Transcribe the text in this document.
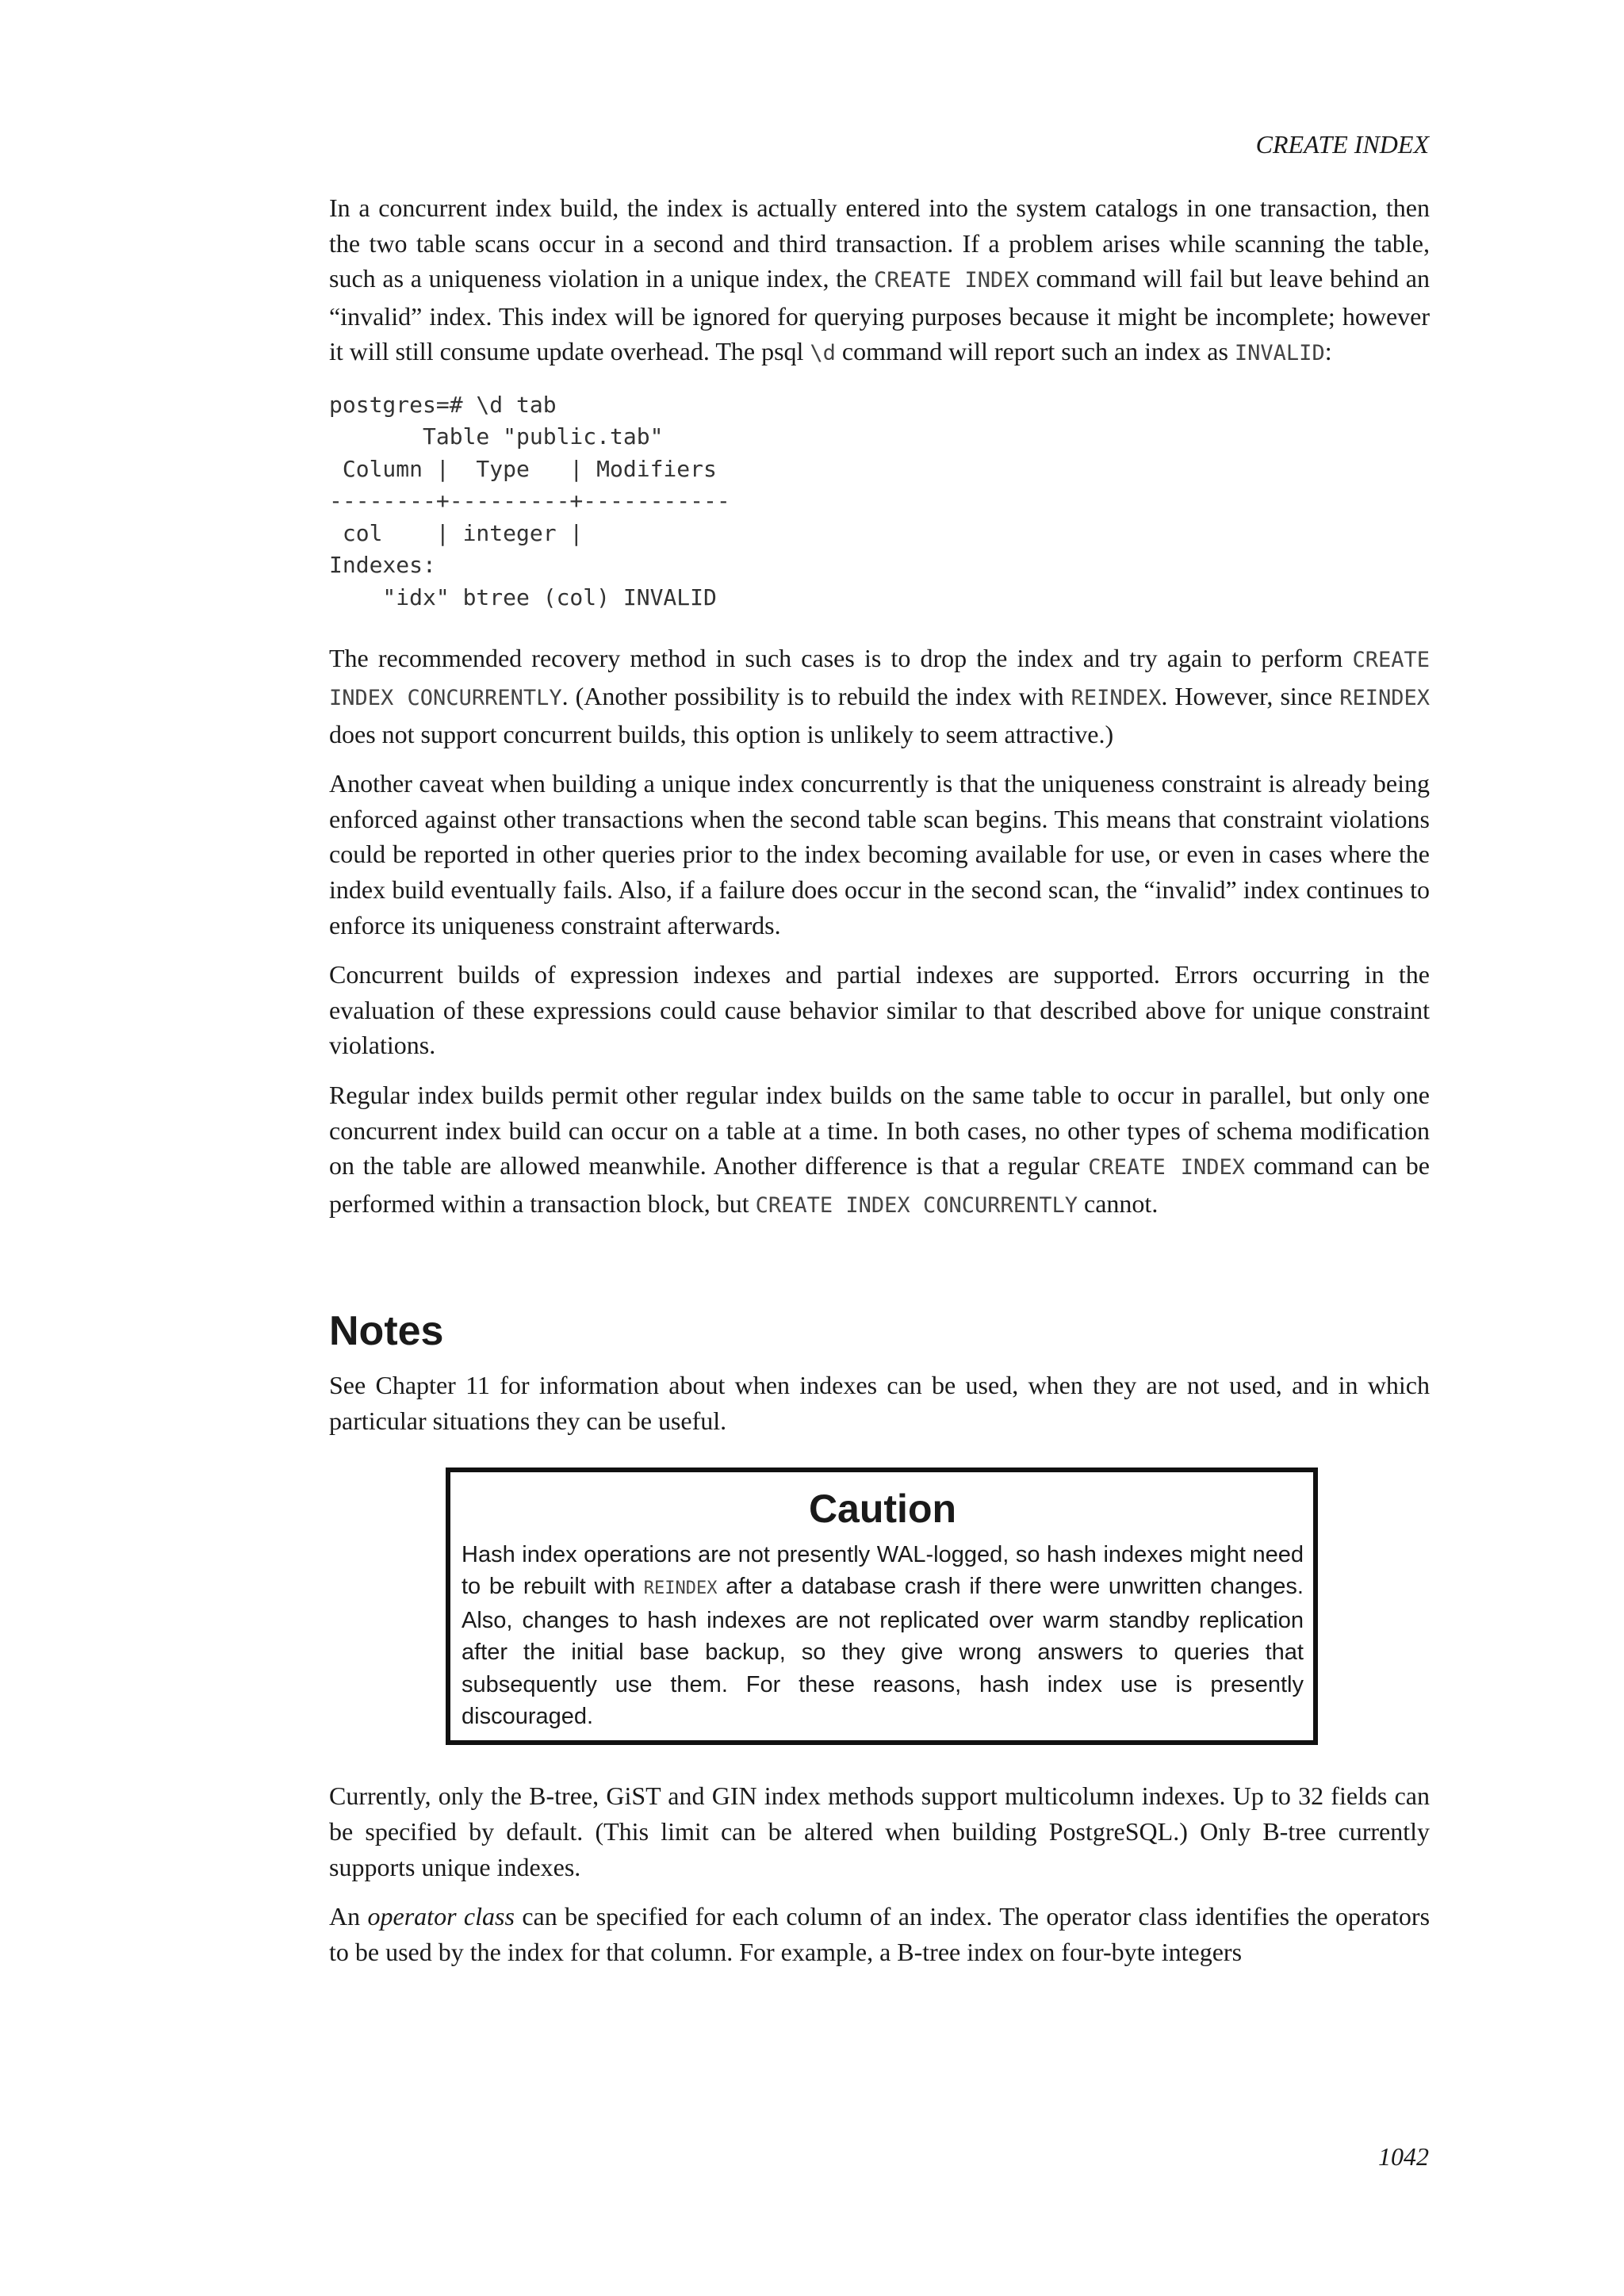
CREATE INDEX

In a concurrent index build, the index is actually entered into the system catalogs in one transaction, then the two table scans occur in a second and third transaction. If a problem arises while scanning the table, such as a uniqueness violation in a unique index, the CREATE INDEX command will fail but leave behind an “invalid” index. This index will be ignored for querying purposes because it might be incomplete; however it will still consume update overhead. The psql \d command will report such an index as INVALID:

postgres=# \d tab
Table "public.tab"
Column |  Type   | Modifiers
--------+---------+-----------
col    | integer |
Indexes:
"idx" btree (col) INVALID

The recommended recovery method in such cases is to drop the index and try again to perform CREATE INDEX CONCURRENTLY. (Another possibility is to rebuild the index with REINDEX. However, since REINDEX does not support concurrent builds, this option is unlikely to seem attractive.)

Another caveat when building a unique index concurrently is that the uniqueness constraint is already being enforced against other transactions when the second table scan begins. This means that constraint violations could be reported in other queries prior to the index becoming available for use, or even in cases where the index build eventually fails. Also, if a failure does occur in the second scan, the “invalid” index continues to enforce its uniqueness constraint afterwards.

Concurrent builds of expression indexes and partial indexes are supported. Errors occurring in the evaluation of these expressions could cause behavior similar to that described above for unique constraint violations.

Regular index builds permit other regular index builds on the same table to occur in parallel, but only one concurrent index build can occur on a table at a time. In both cases, no other types of schema modification on the table are allowed meanwhile. Another difference is that a regular CREATE INDEX command can be performed within a transaction block, but CREATE INDEX CONCURRENTLY cannot.

Notes

See Chapter 11 for information about when indexes can be used, when they are not used, and in which particular situations they can be useful.

Caution

Hash index operations are not presently WAL-logged, so hash indexes might need to be rebuilt with REINDEX after a database crash if there were unwritten changes. Also, changes to hash indexes are not replicated over warm standby replication after the initial base backup, so they give wrong answers to queries that subsequently use them. For these reasons, hash index use is presently discouraged.

Currently, only the B-tree, GiST and GIN index methods support multicolumn indexes. Up to 32 fields can be specified by default. (This limit can be altered when building PostgreSQL.) Only B-tree currently supports unique indexes.

An operator class can be specified for each column of an index. The operator class identifies the operators to be used by the index for that column. For example, a B-tree index on four-byte integers

1042
